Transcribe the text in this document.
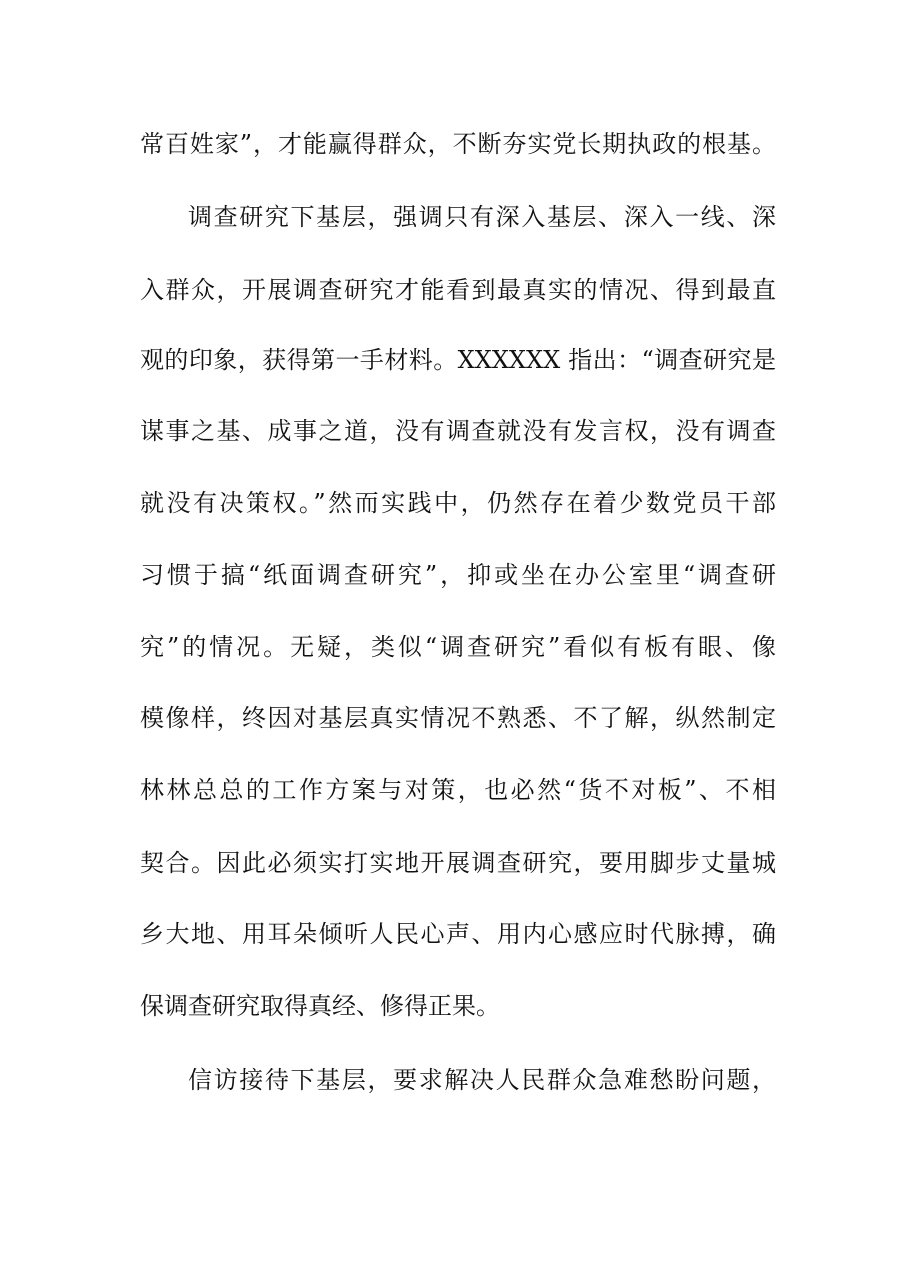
常百姓家”，才能赢得群众，不断夯实党长期执政的根基。
调查研究下基层，强调只有深入基层、深入一线、深
入群众，开展调查研究才能看到最真实的情况、得到最直
观的印象，获得第一手材料。XXXXXX 指出：“调查研究是
谋事之基、成事之道，没有调查就没有发言权，没有调查
就没有决策权。”然而实践中，仍然存在着少数党员干部
习惯于搞“纸面调查研究”，抑或坐在办公室里“调查研
究”的情况。无疑，类似“调查研究”看似有板有眼、像
模像样，终因对基层真实情况不熟悉、不了解，纵然制定
林林总总的工作方案与对策，也必然“货不对板”、不相
契合。因此必须实打实地开展调查研究，要用脚步丈量城
乡大地、用耳朵倾听人民心声、用内心感应时代脉搏，确
保调查研究取得真经、修得正果。
信访接待下基层，要求解决人民群众急难愁盼问题，
